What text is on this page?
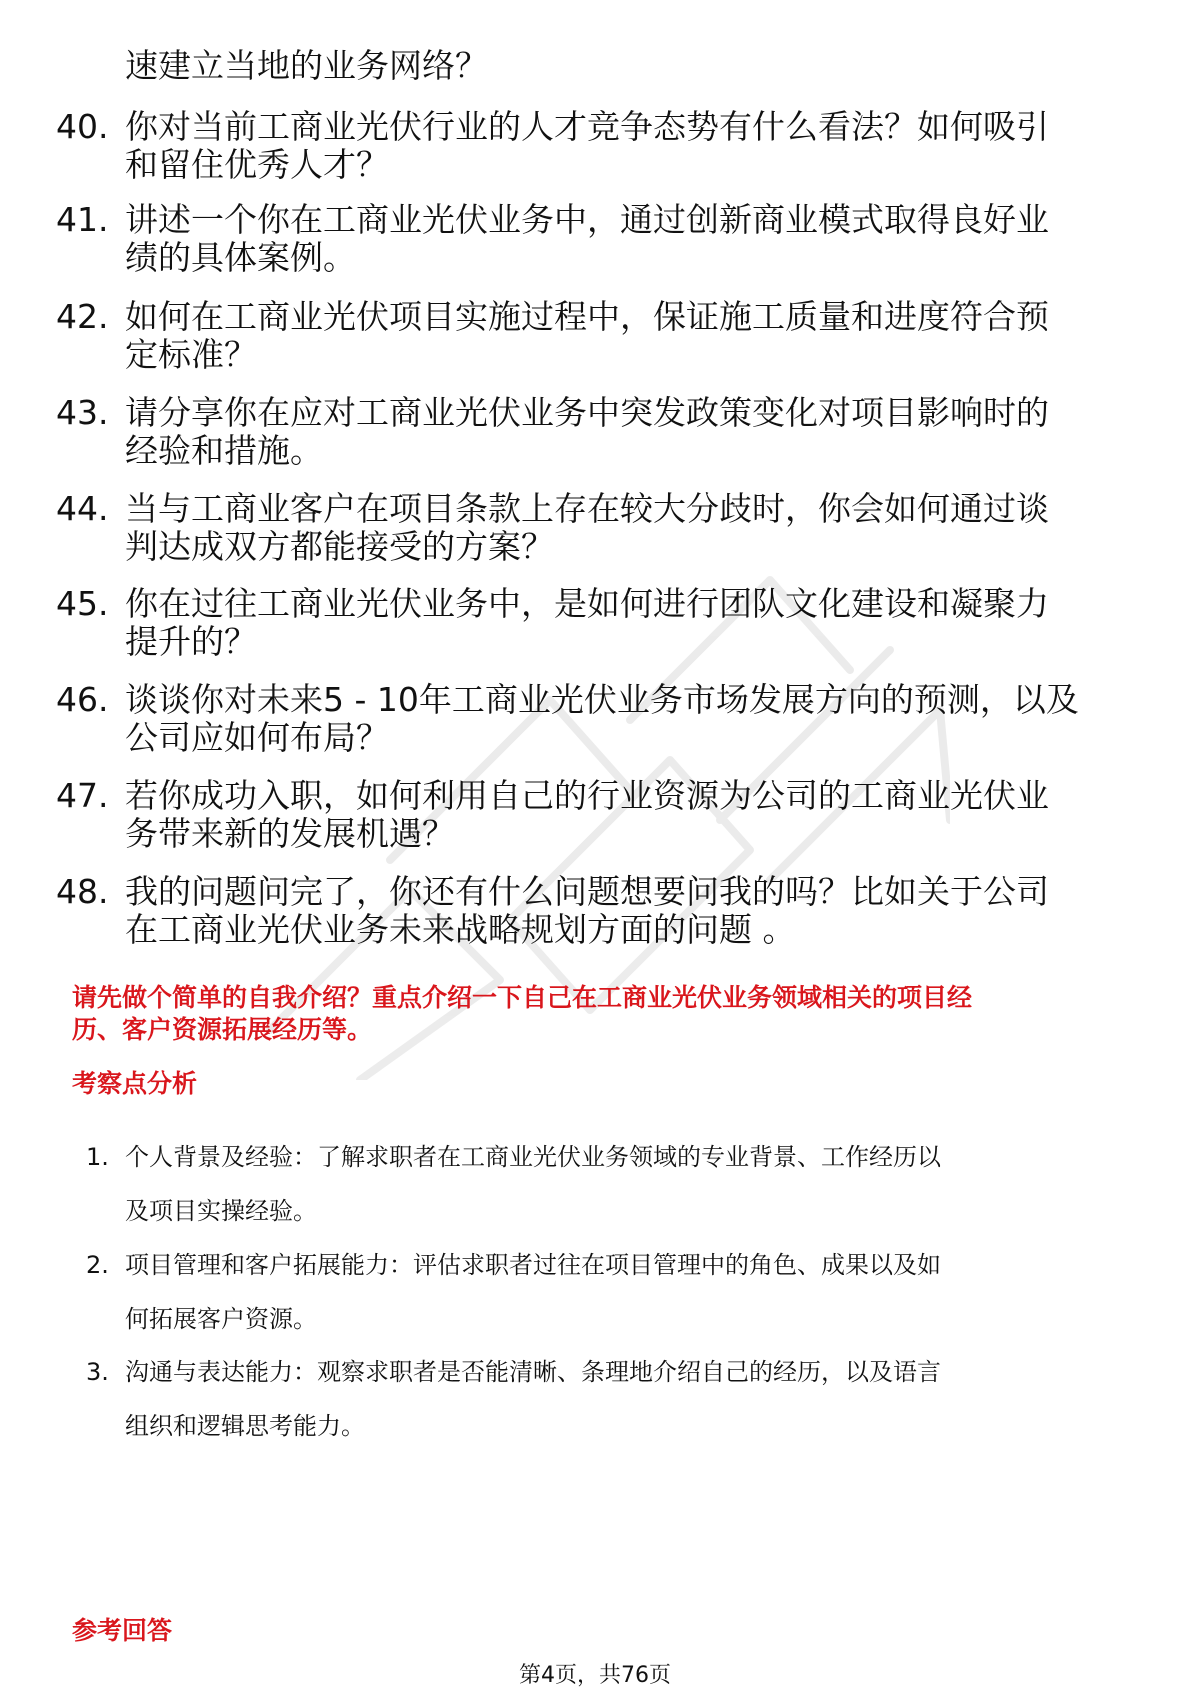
速建立当地的业务网络？
40. 你对当前工商业光伏行业的人才竞争态势有什么看法？如何吸引
和留住优秀人才？
41. 讲述一个你在工商业光伏业务中，通过创新商业模式取得良好业
绩的具体案例。
42. 如何在工商业光伏项目实施过程中，保证施工质量和进度符合预
定标准？
43. 请分享你在应对工商业光伏业务中突发政策变化对项目影响时的
经验和措施。
44. 当与工商业客户在项目条款上存在较大分歧时，你会如何通过谈
判达成双方都能接受的方案？
45. 你在过往工商业光伏业务中，是如何进行团队文化建设和凝聚力
提升的？
46. 谈谈你对未来5 - 10年工商业光伏业务市场发展方向的预测，以及
公司应如何布局？
47. 若你成功入职，如何利用自己的行业资源为公司的工商业光伏业
务带来新的发展机遇？
48. 我的问题问完了，你还有什么问题想要问我的吗？比如关于公司
在工商业光伏业务未来战略规划方面的问题 。
请先做个简单的自我介绍？重点介绍一下自己在工商业光伏业务领域相关的项目经
历、客户资源拓展经历等。
考察点分析
1. 个人背景及经验：了解求职者在工商业光伏业务领域的专业背景、工作经历以
及项目实操经验。
2. 项目管理和客户拓展能力：评估求职者过往在项目管理中的角色、成果以及如
何拓展客户资源。
3. 沟通与表达能力：观察求职者是否能清晰、条理地介绍自己的经历，以及语言
组织和逻辑思考能力。
参考回答
第4页，共76页
